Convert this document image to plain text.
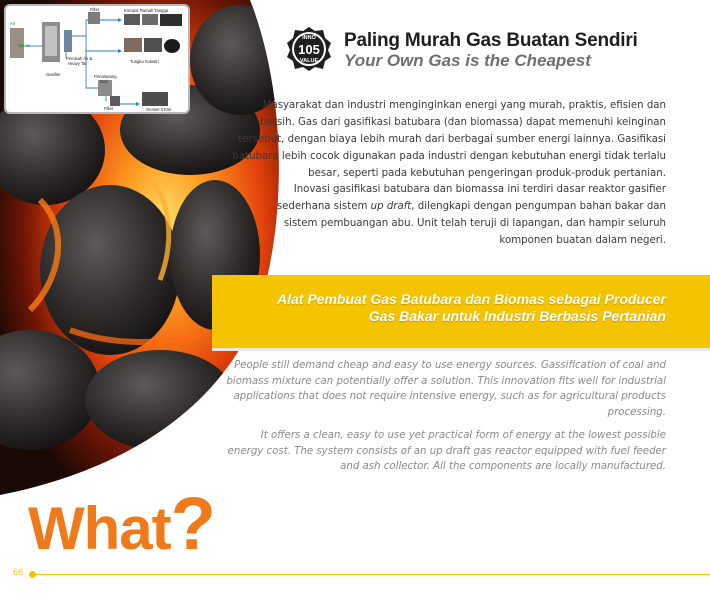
Filter	Kompor Rumah Tangga
Air
Steam
Pemisah Air &
Heavy Tar
Gasifier
Tungku Industri
Penampung
Gas
Filter	Genset 3 KW
INNO
105
VALUE
Paling Murah Gas Buatan Sendiri
Your Own Gas is the Cheapest

Masyarakat dan industri menginginkan energi yang murah, praktis, efisien dan bersih. Gas dari gasifikasi batubara (dan biomassa) dapat memenuhi keinginan tersebut, dengan biaya lebih murah dari berbagai sumber energi lainnya. Gasifikasi batubara lebih cocok digunakan pada industri dengan kebutuhan energi tidak terlalu besar, seperti pada kebutuhan pengeringan produk-produk pertanian.

Inovasi gasifikasi batubara dan biomassa ini terdiri dasar reaktor gasifier sederhana sistem up draft, dilengkapi dengan pengumpan bahan bakar dan sistem pembuangan abu. Unit telah teruji di lapangan, dan hampir seluruh komponen buatan dalam negeri.

Alat Pembuat Gas Batubara dan Biomas sebagai Producer
Gas Bakar untuk Industri Berbasis Pertanian

People still demand cheap and easy to use energy sources. Gassification of coal and biomass mixture can potentially offer a solution. This innovation fits well for industrial applications that does not require intensive energy, such as for agricultural products processing.

It offers a clean, easy to use yet practical form of energy at the lowest possible energy cost. The system consists of an up draft gas reactor equipped with fuel feeder and ash collector. All the components are locally manufactured.

What?
66
